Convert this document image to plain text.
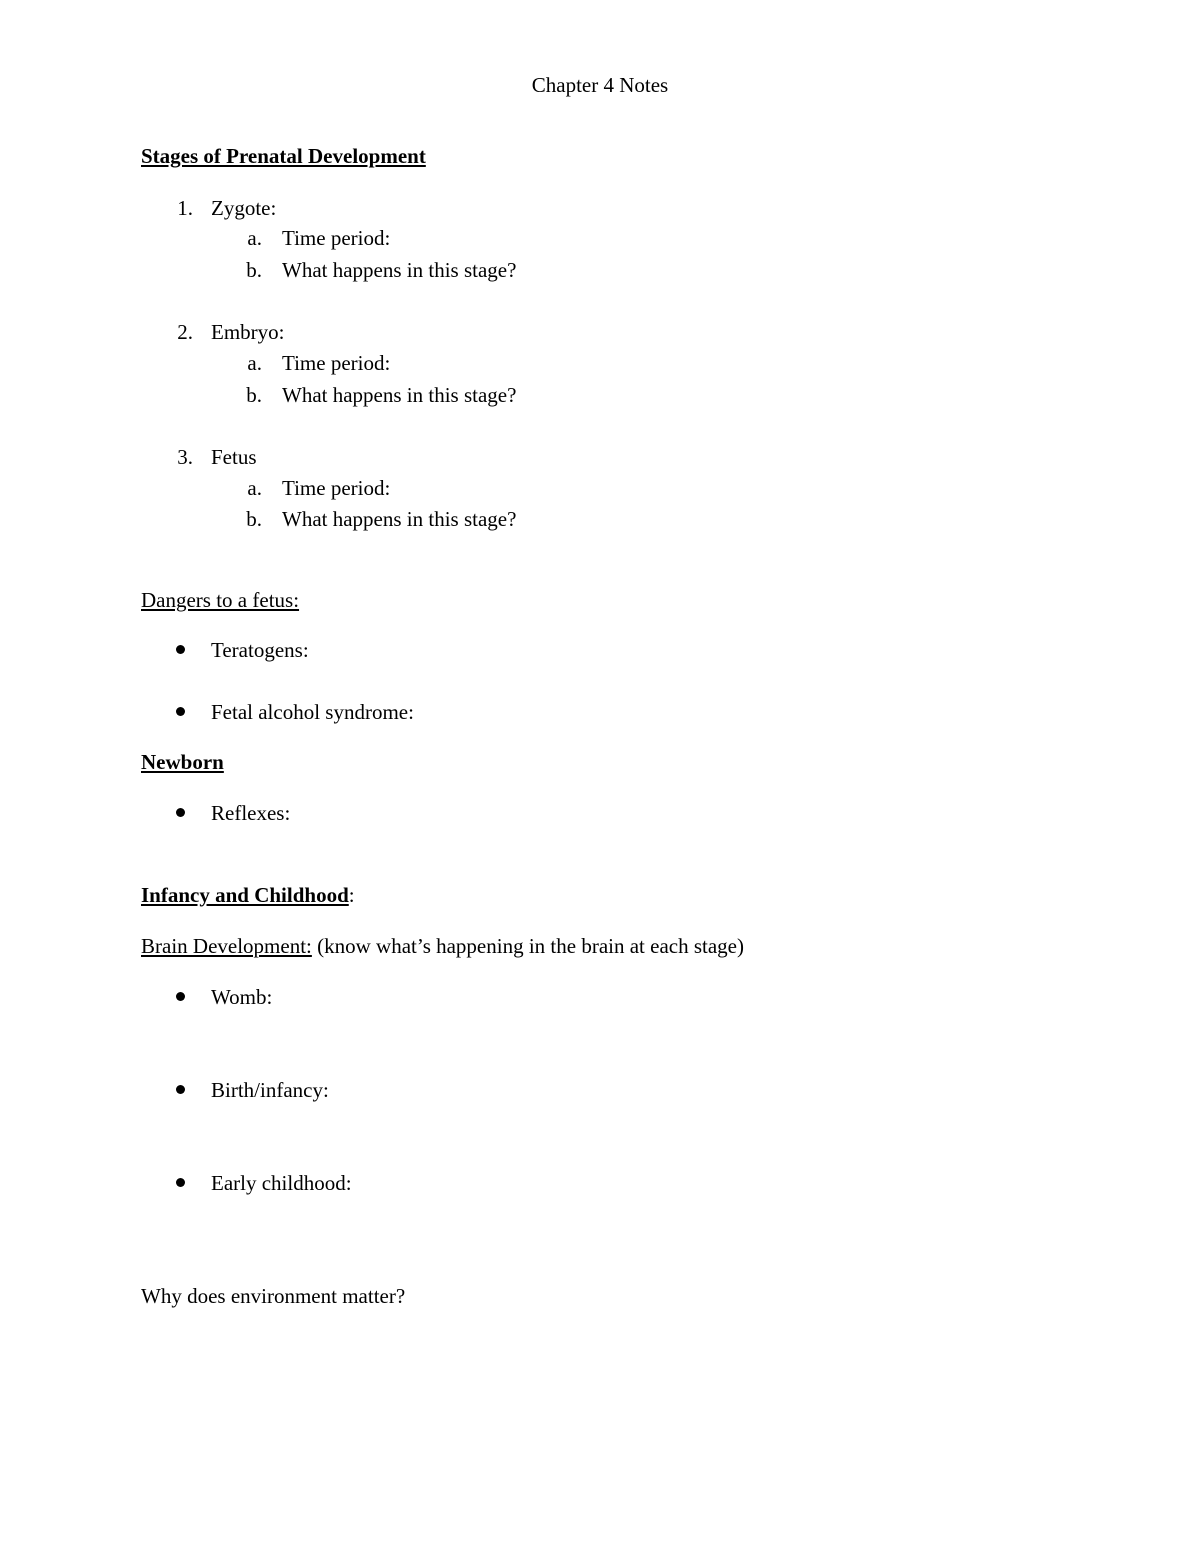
Chapter 4 Notes
Stages of Prenatal Development
1. Zygote:
a. Time period:
b. What happens in this stage?
2. Embryo:
a. Time period:
b. What happens in this stage?
3. Fetus
a. Time period:
b. What happens in this stage?
Dangers to a fetus:
Teratogens:
Fetal alcohol syndrome:
Newborn
Reflexes:
Infancy and Childhood:
Brain Development: (know what’s happening in the brain at each stage)
Womb:
Birth/infancy:
Early childhood:
Why does environment matter?
